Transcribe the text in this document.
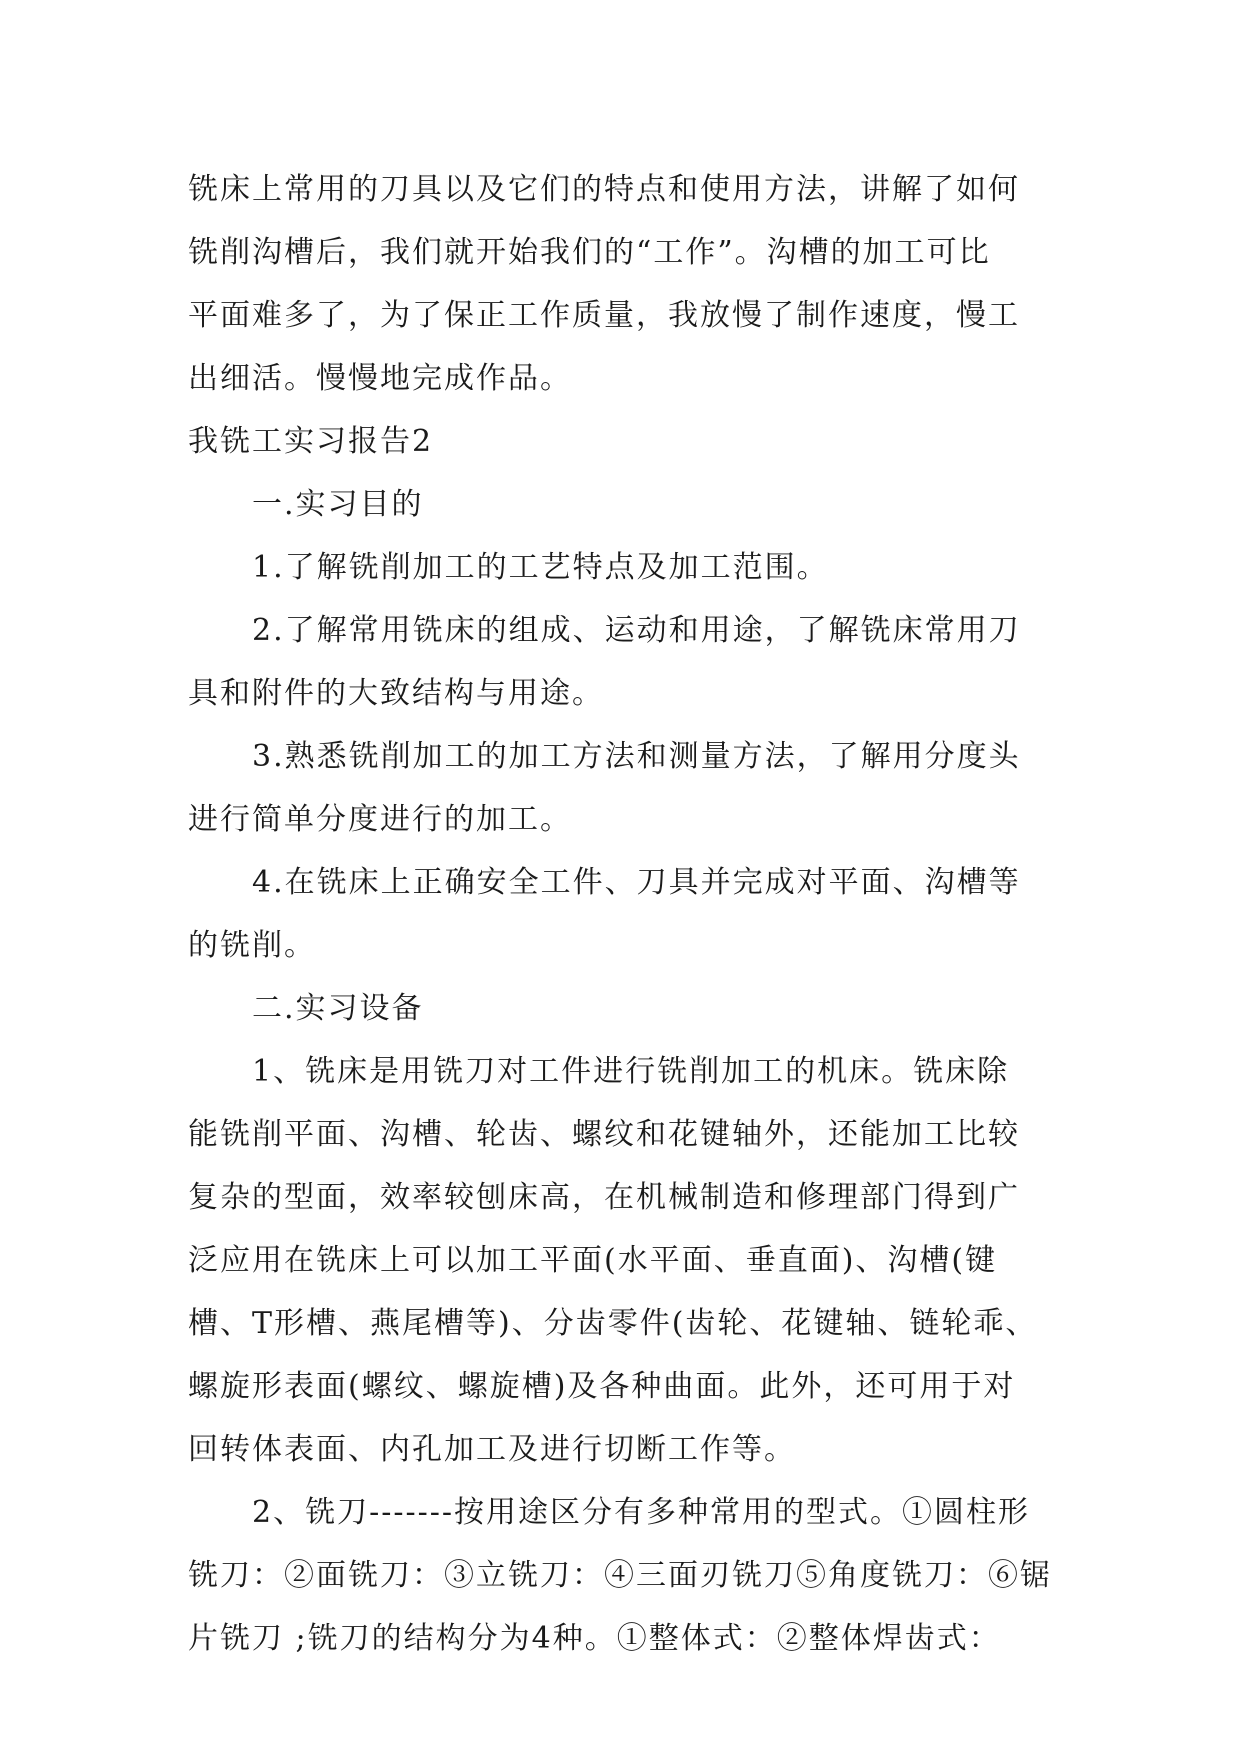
铣床上常用的刀具以及它们的特点和使用方法，讲解了如何
铣削沟槽后，我们就开始我们的“工作”。沟槽的加工可比
平面难多了，为了保正工作质量，我放慢了制作速度，慢工
出细活。慢慢地完成作品。
我铣工实习报告2
一.实习目的
1.了解铣削加工的工艺特点及加工范围。
2.了解常用铣床的组成、运动和用途，了解铣床常用刀
具和附件的大致结构与用途。
3.熟悉铣削加工的加工方法和测量方法，了解用分度头
进行简单分度进行的加工。
4.在铣床上正确安全工件、刀具并完成对平面、沟槽等
的铣削。
二.实习设备
1、铣床是用铣刀对工件进行铣削加工的机床。铣床除
能铣削平面、沟槽、轮齿、螺纹和花键轴外，还能加工比较
复杂的型面，效率较刨床高，在机械制造和修理部门得到广
泛应用在铣床上可以加工平面(水平面、垂直面)、沟槽(键
槽、T形槽、燕尾槽等)、分齿零件(齿轮、花键轴、链轮乖、
螺旋形表面(螺纹、螺旋槽)及各种曲面。此外，还可用于对
回转体表面、内孔加工及进行切断工作等。
2、铣刀-------按用途区分有多种常用的型式。①圆柱形
铣刀：②面铣刀：③立铣刀：④三面刃铣刀⑤角度铣刀：⑥锯
片铣刀 ;铣刀的结构分为4种。①整体式：②整体焊齿式：
